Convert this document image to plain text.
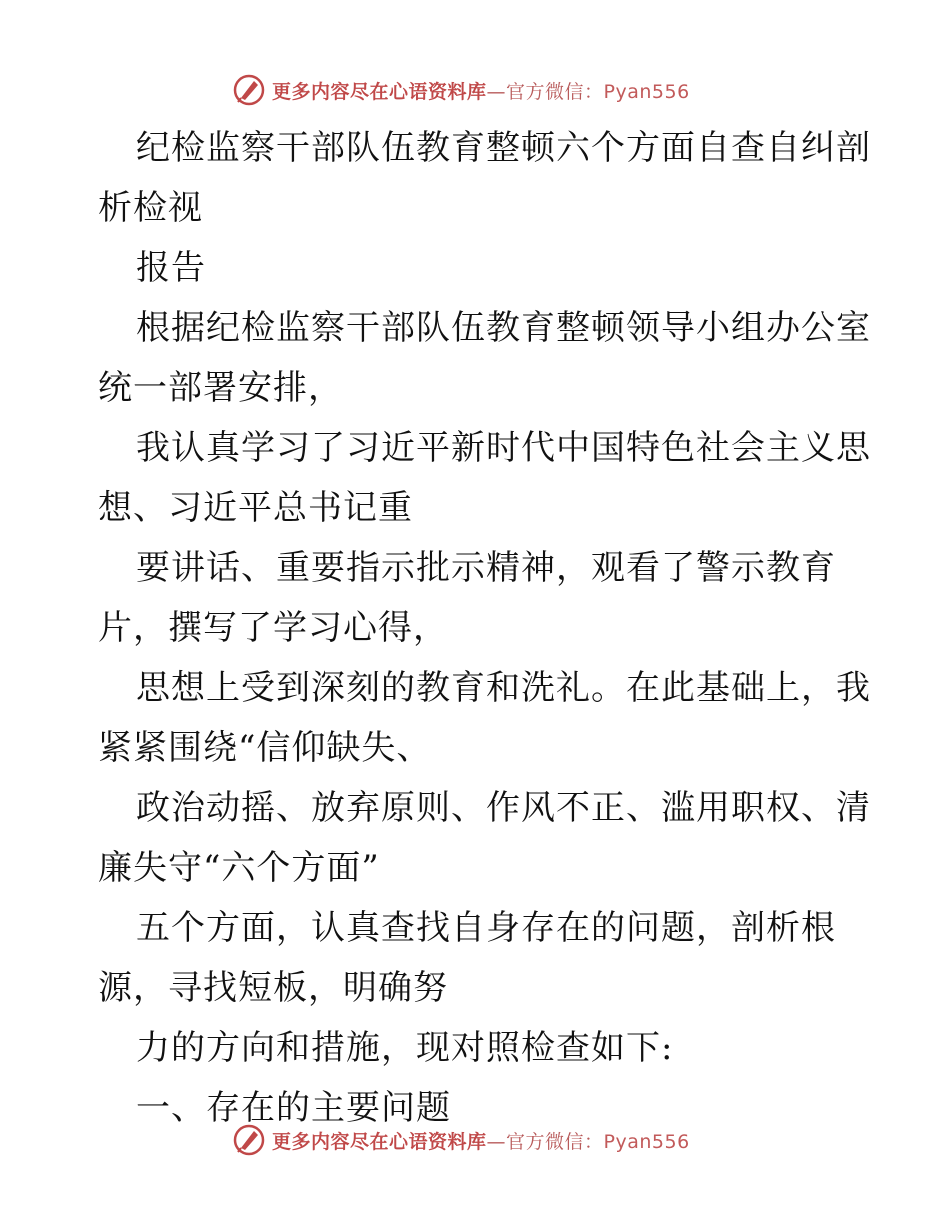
更多内容尽在心语资料库—官方微信：Pyan556
纪检监察干部队伍教育整顿六个方面自查自纠剖
析检视
报告
根据纪检监察干部队伍教育整顿领导小组办公室
统一部署安排，
我认真学习了习近平新时代中国特色社会主义思
想、习近平总书记重
要讲话、重要指示批示精神，观看了警示教育
片，撰写了学习心得，
思想上受到深刻的教育和洗礼。在此基础上，我
紧紧围绕“信仰缺失、
政治动摇、放弃原则、作风不正、滥用职权、清
廉失守“六个方面”
五个方面，认真查找自身存在的问题，剖析根
源，寻找短板，明确努
力的方向和措施，现对照检查如下:
一、存在的主要问题
更多内容尽在心语资料库—官方微信：Pyan556
